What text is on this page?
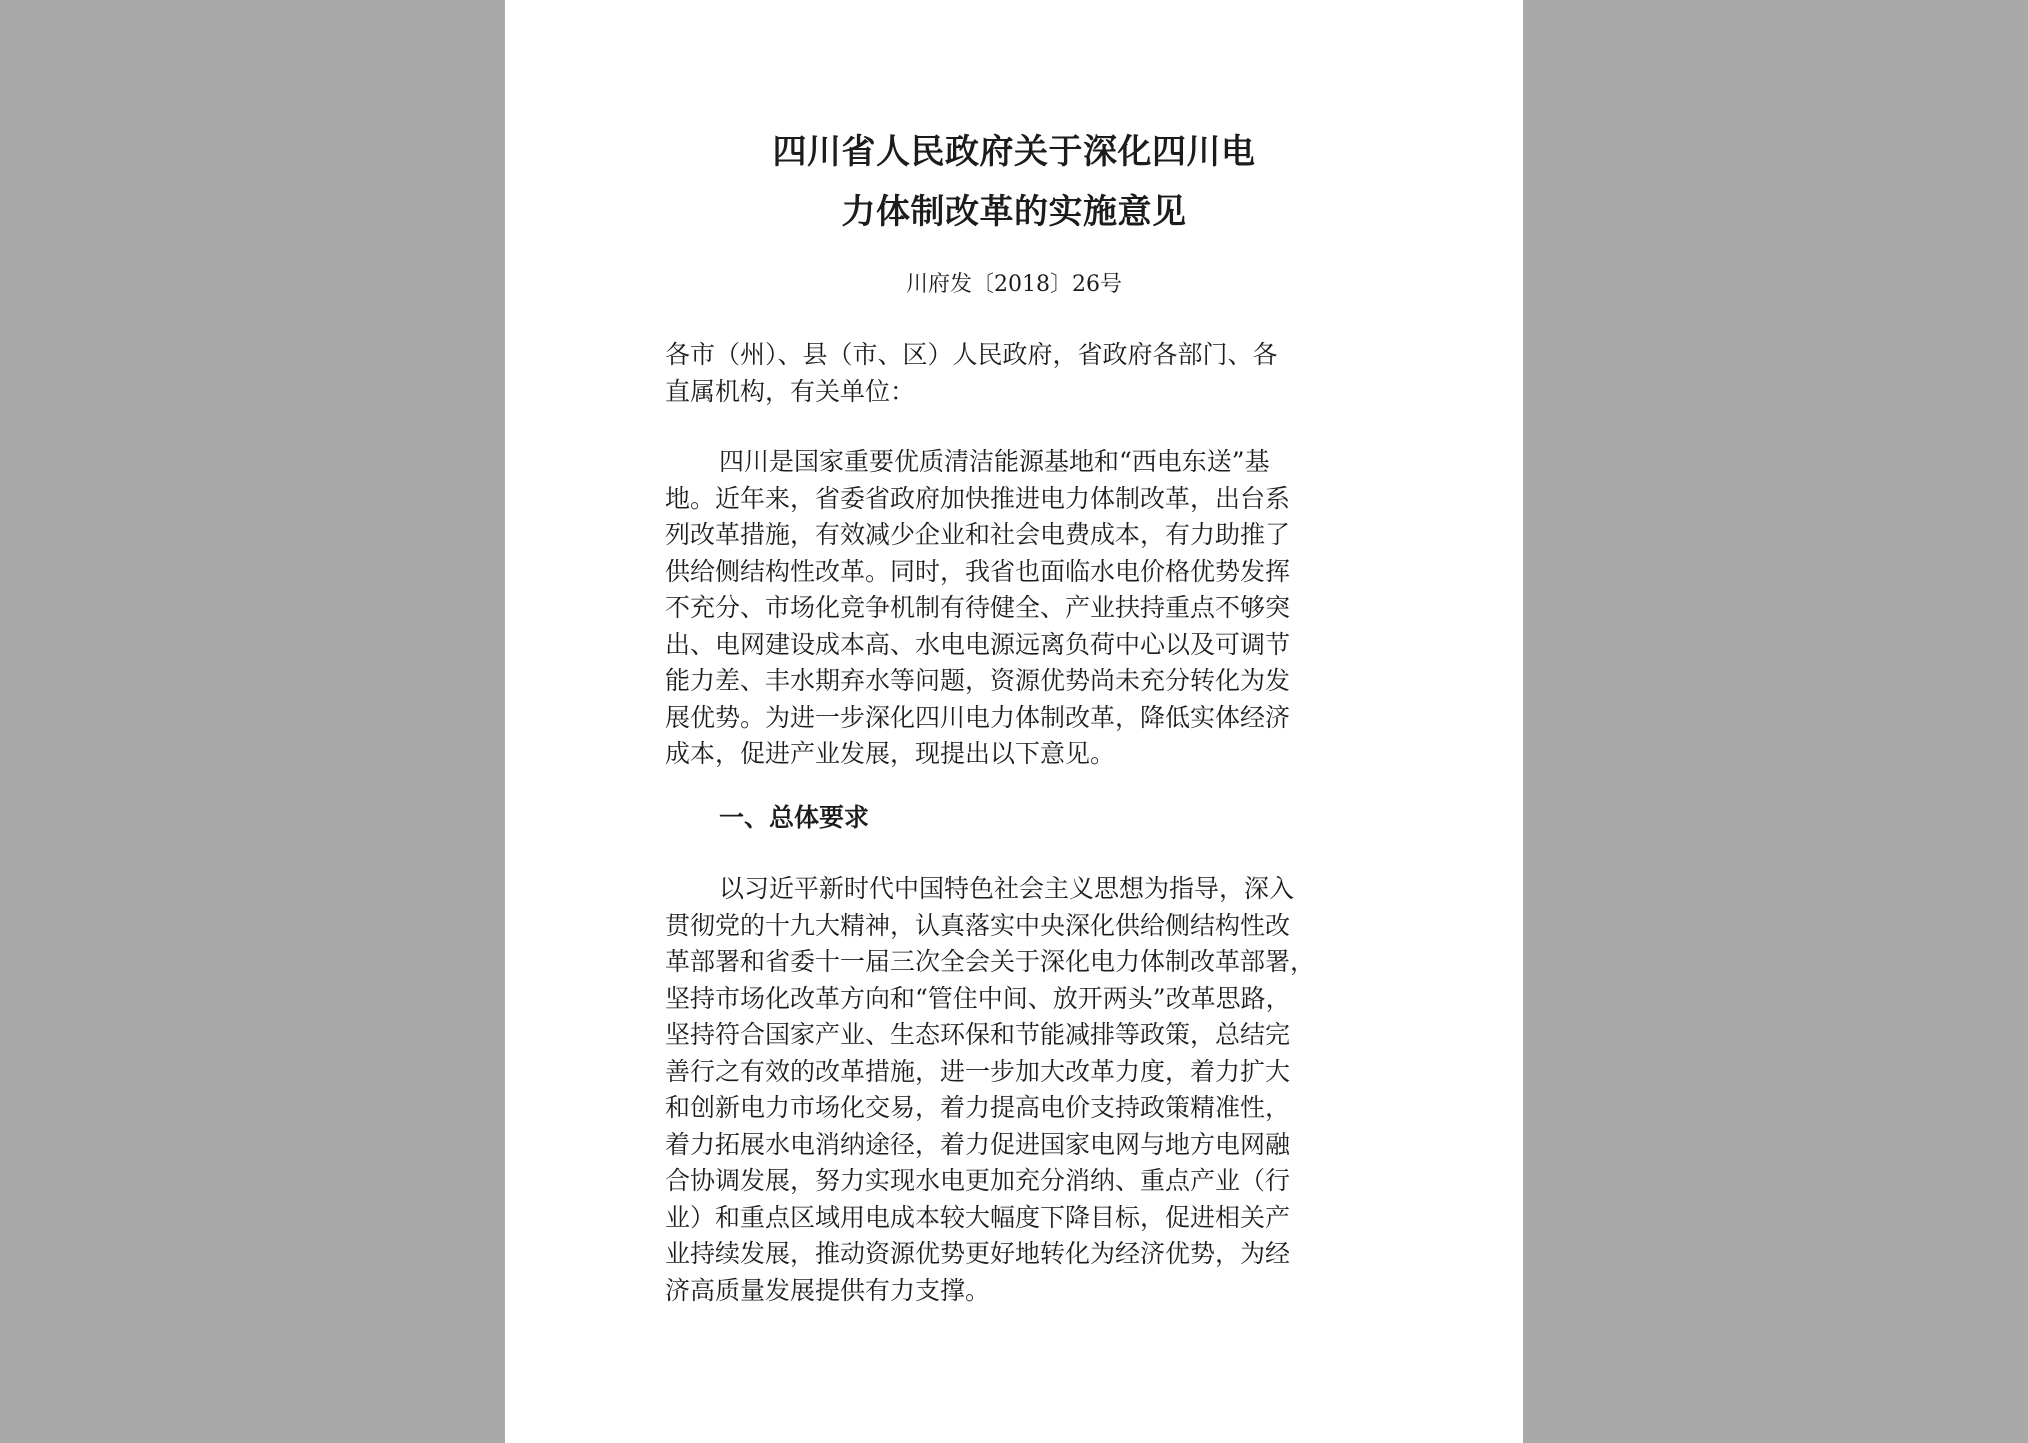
四川省人民政府关于深化四川电
力体制改革的实施意见
川府发〔2018〕26号
各市（州）、县（市、区）人民政府，省政府各部门、各
直属机构，有关单位：
四川是国家重要优质清洁能源基地和“西电东送”基
地。近年来，省委省政府加快推进电力体制改革，出台系
列改革措施，有效减少企业和社会电费成本，有力助推了
供给侧结构性改革。同时，我省也面临水电价格优势发挥
不充分、市场化竞争机制有待健全、产业扶持重点不够突
出、电网建设成本高、水电电源远离负荷中心以及可调节
能力差、丰水期弃水等问题，资源优势尚未充分转化为发
展优势。为进一步深化四川电力体制改革，降低实体经济
成本，促进产业发展，现提出以下意见。
一、总体要求
以习近平新时代中国特色社会主义思想为指导，深入
贯彻党的十九大精神，认真落实中央深化供给侧结构性改
革部署和省委十一届三次全会关于深化电力体制改革部署，
坚持市场化改革方向和“管住中间、放开两头”改革思路，
坚持符合国家产业、生态环保和节能减排等政策，总结完
善行之有效的改革措施，进一步加大改革力度，着力扩大
和创新电力市场化交易，着力提高电价支持政策精准性，
着力拓展水电消纳途径，着力促进国家电网与地方电网融
合协调发展，努力实现水电更加充分消纳、重点产业（行
业）和重点区域用电成本较大幅度下降目标，促进相关产
业持续发展，推动资源优势更好地转化为经济优势，为经
济高质量发展提供有力支撑。
